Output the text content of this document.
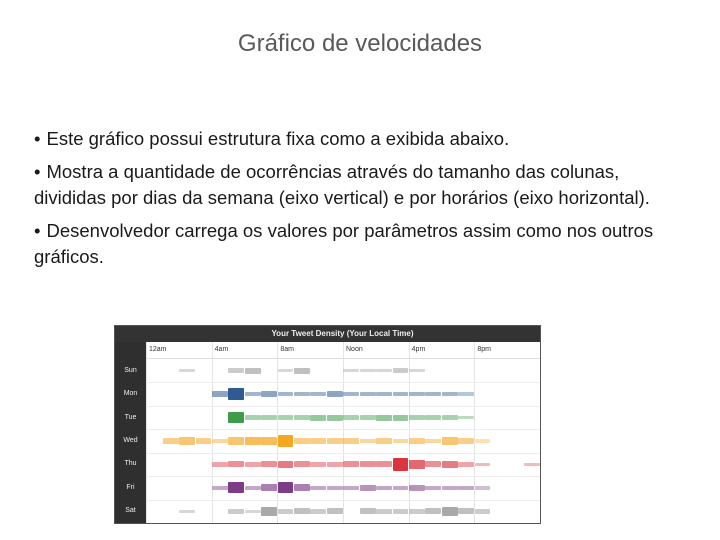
Gráfico de velocidades

• Este gráfico possui estrutura fixa como a exibida abaixo.

• Mostra a quantidade de ocorrências através do tamanho das colunas, divididas por dias da semana (eixo vertical) e por horários (eixo horizontal).

• Desenvolvedor carrega os valores por parâmetros assim como nos outros gráficos.

Your Tweet Density (Your Local Time)
Sun
Mon
Tue
Wed
Thu
Fri
Sat
12am	4am	8am	Noon	4pm	8pm
